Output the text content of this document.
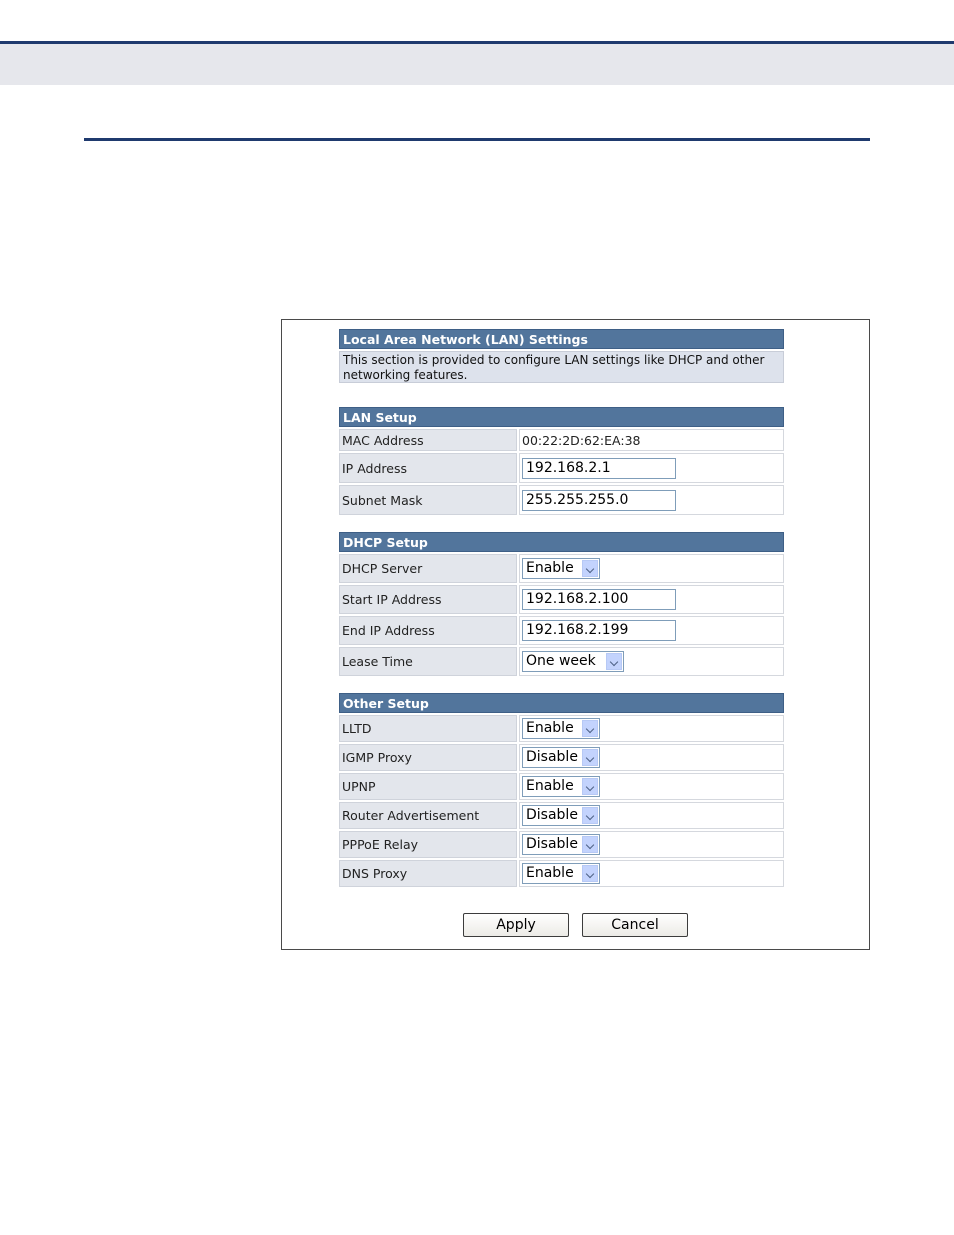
Local Area Network (LAN) Settings
This section is provided to configure LAN settings like DHCP and other networking features.
LAN Setup
MAC Address	00:22:2D:62:EA:38
IP Address	192.168.2.1
Subnet Mask	255.255.255.0
DHCP Setup
DHCP Server	Enable
Start IP Address	192.168.2.100
End IP Address	192.168.2.199
Lease Time	One week
Other Setup
LLTD	Enable
IGMP Proxy	Disable
UPNP	Enable
Router Advertisement	Disable
PPPoE Relay	Disable
DNS Proxy	Enable
Apply	Cancel
